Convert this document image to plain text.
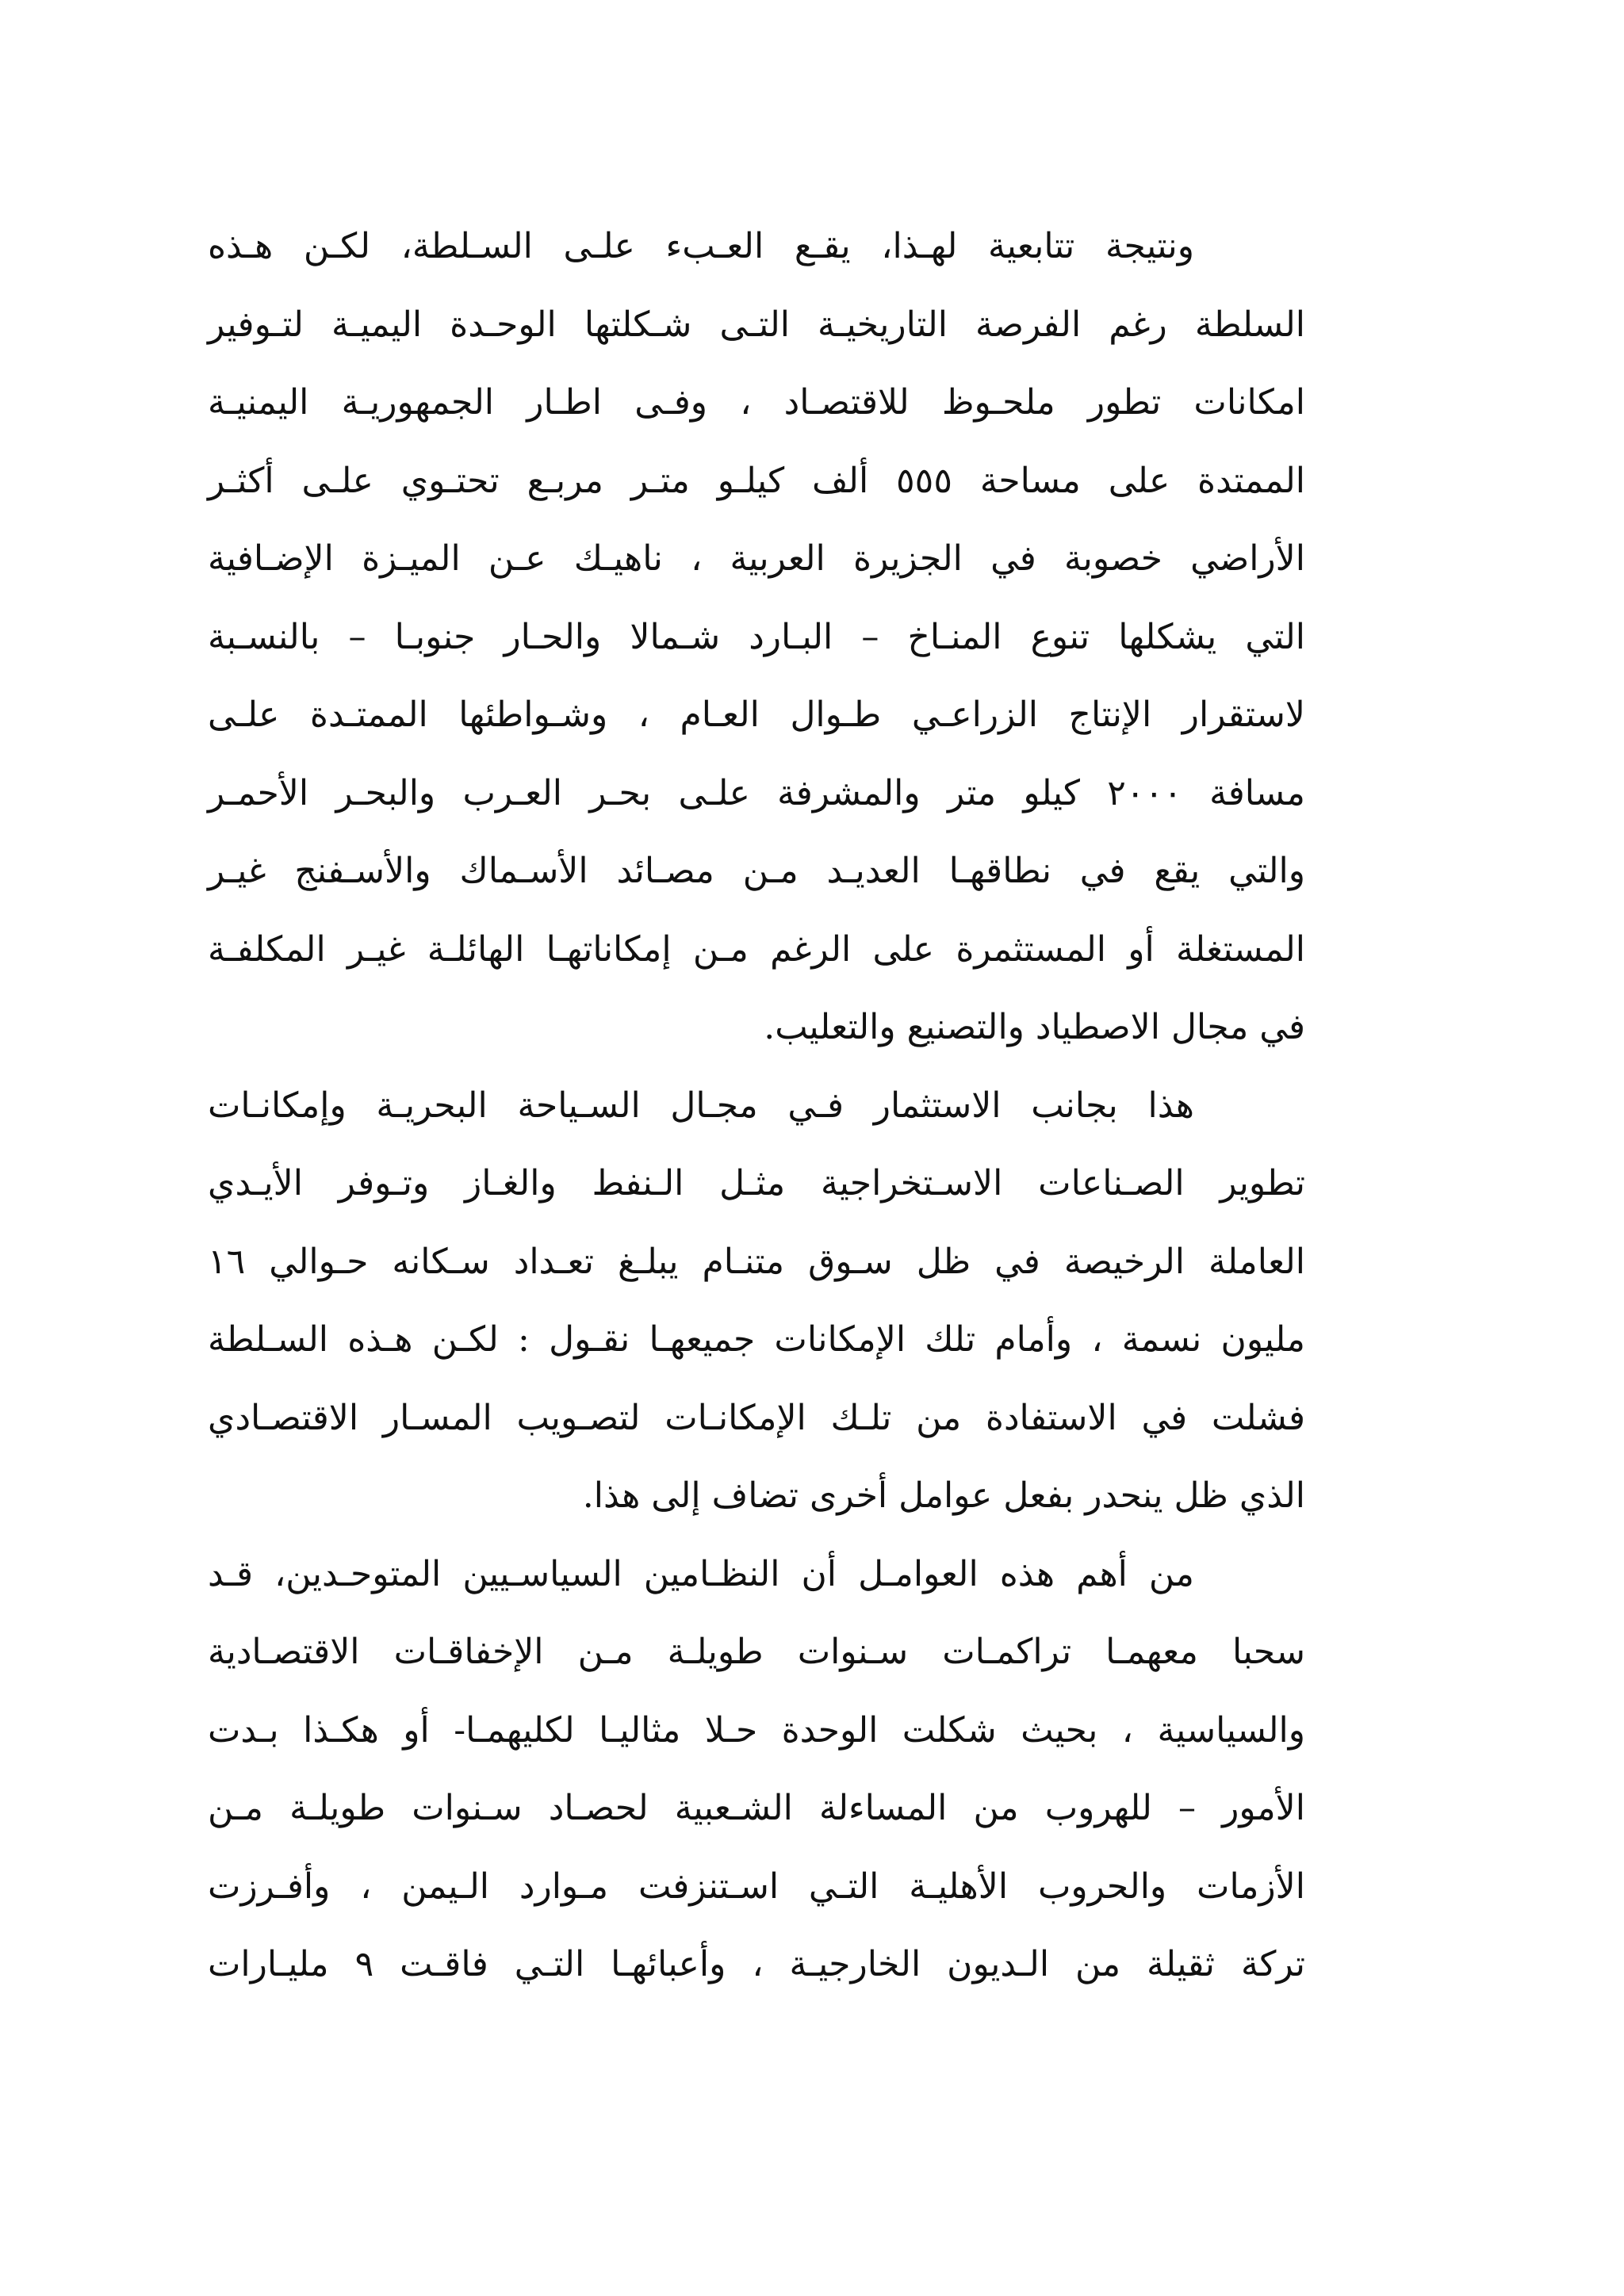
ونتيجة تتابعية لهـذا، يقـع العـبء علـى السـلطة، لكـن هـذه
السلطة رغم الفرصة التاريخيـة التـى شـكلتها الوحـدة اليميـة لتـوفير
امكانات تطور ملحـوظ للاقتصـاد ، وفـى اطـار الجمهوريـة اليمنيـة
الممتدة على مساحة ٥٥٥ ألف كيلـو متـر مربـع تحتـوي علـى أكثـر
الأراضي خصوبة في الجزيرة العربية ، ناهيـك عـن الميـزة الإضـافية
التي يشكلها تنوع المنـاخ – البـارد شـمالا والحـار جنوبـا – بالنسـبة
لاستقرار الإنتاج الزراعـي طـوال العـام ، وشـواطئها الممتـدة علـى
مسافة ٢٠٠٠ كيلو متر والمشرفة علـى بحـر العـرب والبحـر الأحمـر
والتي يقع في نطاقهـا العديـد مـن مصـائد الأسـماك والأسـفنج غيـر
المستغلة أو المستثمرة على الرغم مـن إمكاناتهـا الهائلـة غيـر المكلفـة
في مجال الاصطياد والتصنيع والتعليب.
هذا بجانب الاستثمار فـي مجـال السـياحة البحريـة وإمكانـات
تطوير الصـناعات الاسـتخراجية مثـل الـنفط والغـاز وتـوفر الأيـدي
العاملة الرخيصة في ظل سـوق متنـام يبلـغ تعـداد سـكانه حـوالي ١٦
مليون نسمة ، وأمام تلك الإمكانات جميعهـا نقـول : لكـن هـذه السـلطة
فشلت في الاستفادة من تلـك الإمكانـات لتصـويب المسـار الاقتصـادي
الذي ظل ينحدر بفعل عوامل أخرى تضاف إلى هذا.
من أهم هذه العوامـل أن النظـامين السياسـيين المتوحـدين، قـد
سحبا معهمـا تراكمـات سـنوات طويلـة مـن الإخفاقـات الاقتصـادية
والسياسية ، بحيث شكلت الوحدة حـلا مثاليـا لكليهمـا- أو هكـذا بـدت
الأمور – للهروب من المساءلة الشـعبية لحصـاد سـنوات طويلـة مـن
الأزمات والحروب الأهليـة التـي اسـتنزفت مـوارد الـيمن ، وأفـرزت
تركة ثقيلة من الـديون الخارجيـة ، وأعبائهـا التـي فاقـت ٩ مليـارات
